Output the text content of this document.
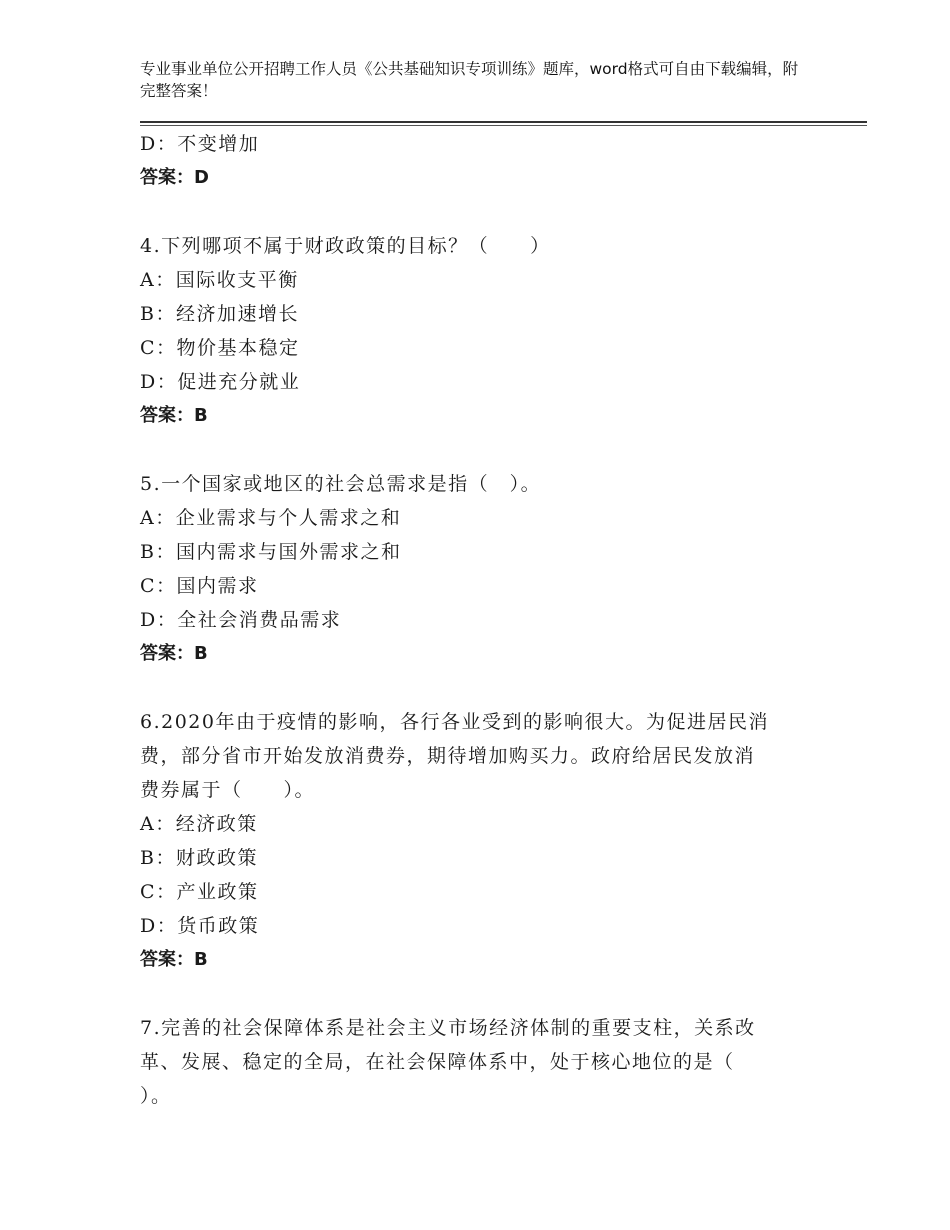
专业事业单位公开招聘工作人员《公共基础知识专项训练》题库，word格式可自由下载编辑，附完整答案！
D：不变增加
答案：D
4.下列哪项不属于财政政策的目标？（　　）
A：国际收支平衡
B：经济加速增长
C：物价基本稳定
D：促进充分就业
答案：B
5.一个国家或地区的社会总需求是指（　）。
A：企业需求与个人需求之和
B：国内需求与国外需求之和
C：国内需求
D：全社会消费品需求
答案：B
6.2020年由于疫情的影响，各行各业受到的影响很大。为促进居民消
费，部分省市开始发放消费券，期待增加购买力。政府给居民发放消
费券属于（　　）。
A：经济政策
B：财政政策
C：产业政策
D：货币政策
答案：B
7.完善的社会保障体系是社会主义市场经济体制的重要支柱，关系改
革、发展、稳定的全局，在社会保障体系中，处于核心地位的是（
）。
